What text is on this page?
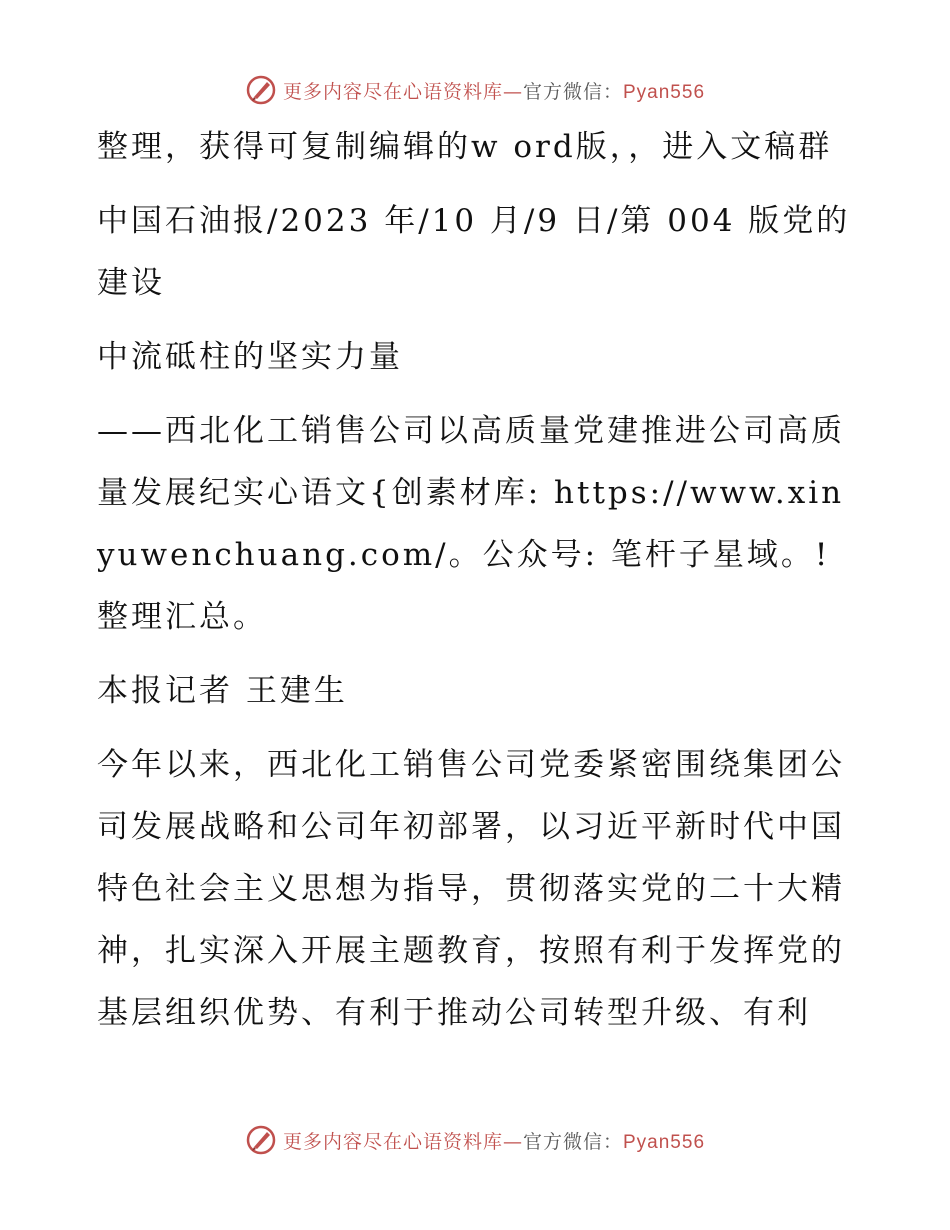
更多内容尽在心语资料库—官方微信：Pyan556

整理，获得可复制编辑的w ord版，，进入文稿群

中国石油报/2023 年/10 月/9 日/第 004 版党的建设

中流砥柱的坚实力量

——西北化工销售公司以高质量党建推进公司高质量发展纪实心语文{创素材库: https://www.xinyuwenchuang.com/。公众号: 笔杆子星域。! 整理汇总。

本报记者 王建生

今年以来，西北化工销售公司党委紧密围绕集团公司发展战略和公司年初部署，以习近平新时代中国特色社会主义思想为指导，贯彻落实党的二十大精神，扎实深入开展主题教育，按照有利于发挥党的基层组织优势、有利于推动公司转型升级、有利

更多内容尽在心语资料库—官方微信：Pyan556
